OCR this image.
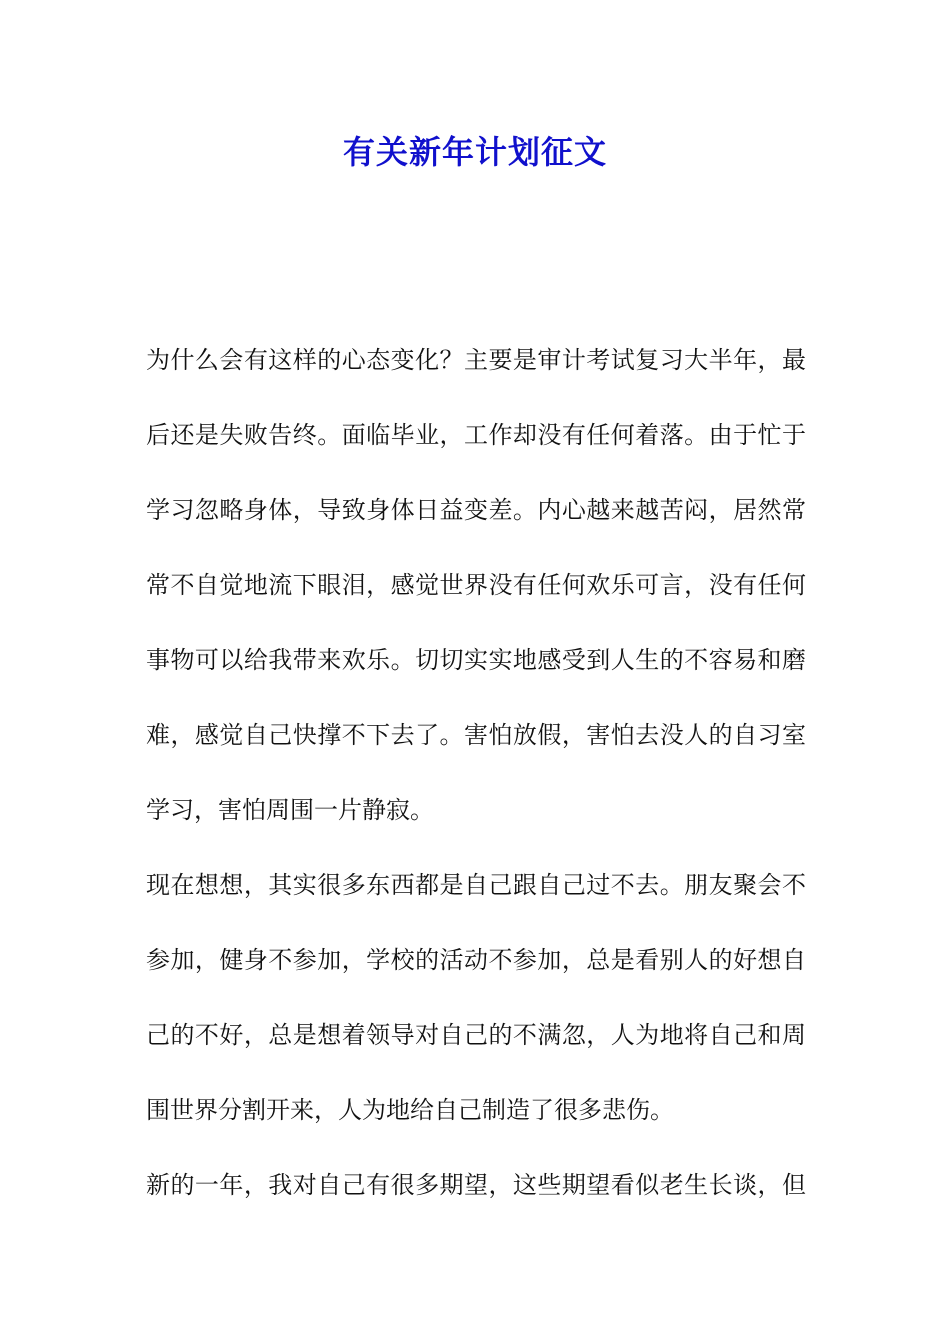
有关新年计划征文
为什么会有这样的心态变化？主要是审计考试复习大半年，最
后还是失败告终。面临毕业，工作却没有任何着落。由于忙于
学习忽略身体，导致身体日益变差。内心越来越苦闷，居然常
常不自觉地流下眼泪，感觉世界没有任何欢乐可言，没有任何
事物可以给我带来欢乐。切切实实地感受到人生的不容易和磨
难，感觉自己快撑不下去了。害怕放假，害怕去没人的自习室
学习，害怕周围一片静寂。
现在想想，其实很多东西都是自己跟自己过不去。朋友聚会不
参加，健身不参加，学校的活动不参加，总是看别人的好想自
己的不好，总是想着领导对自己的不满忽，人为地将自己和周
围世界分割开来，人为地给自己制造了很多悲伤。
新的一年，我对自己有很多期望，这些期望看似老生长谈，但
